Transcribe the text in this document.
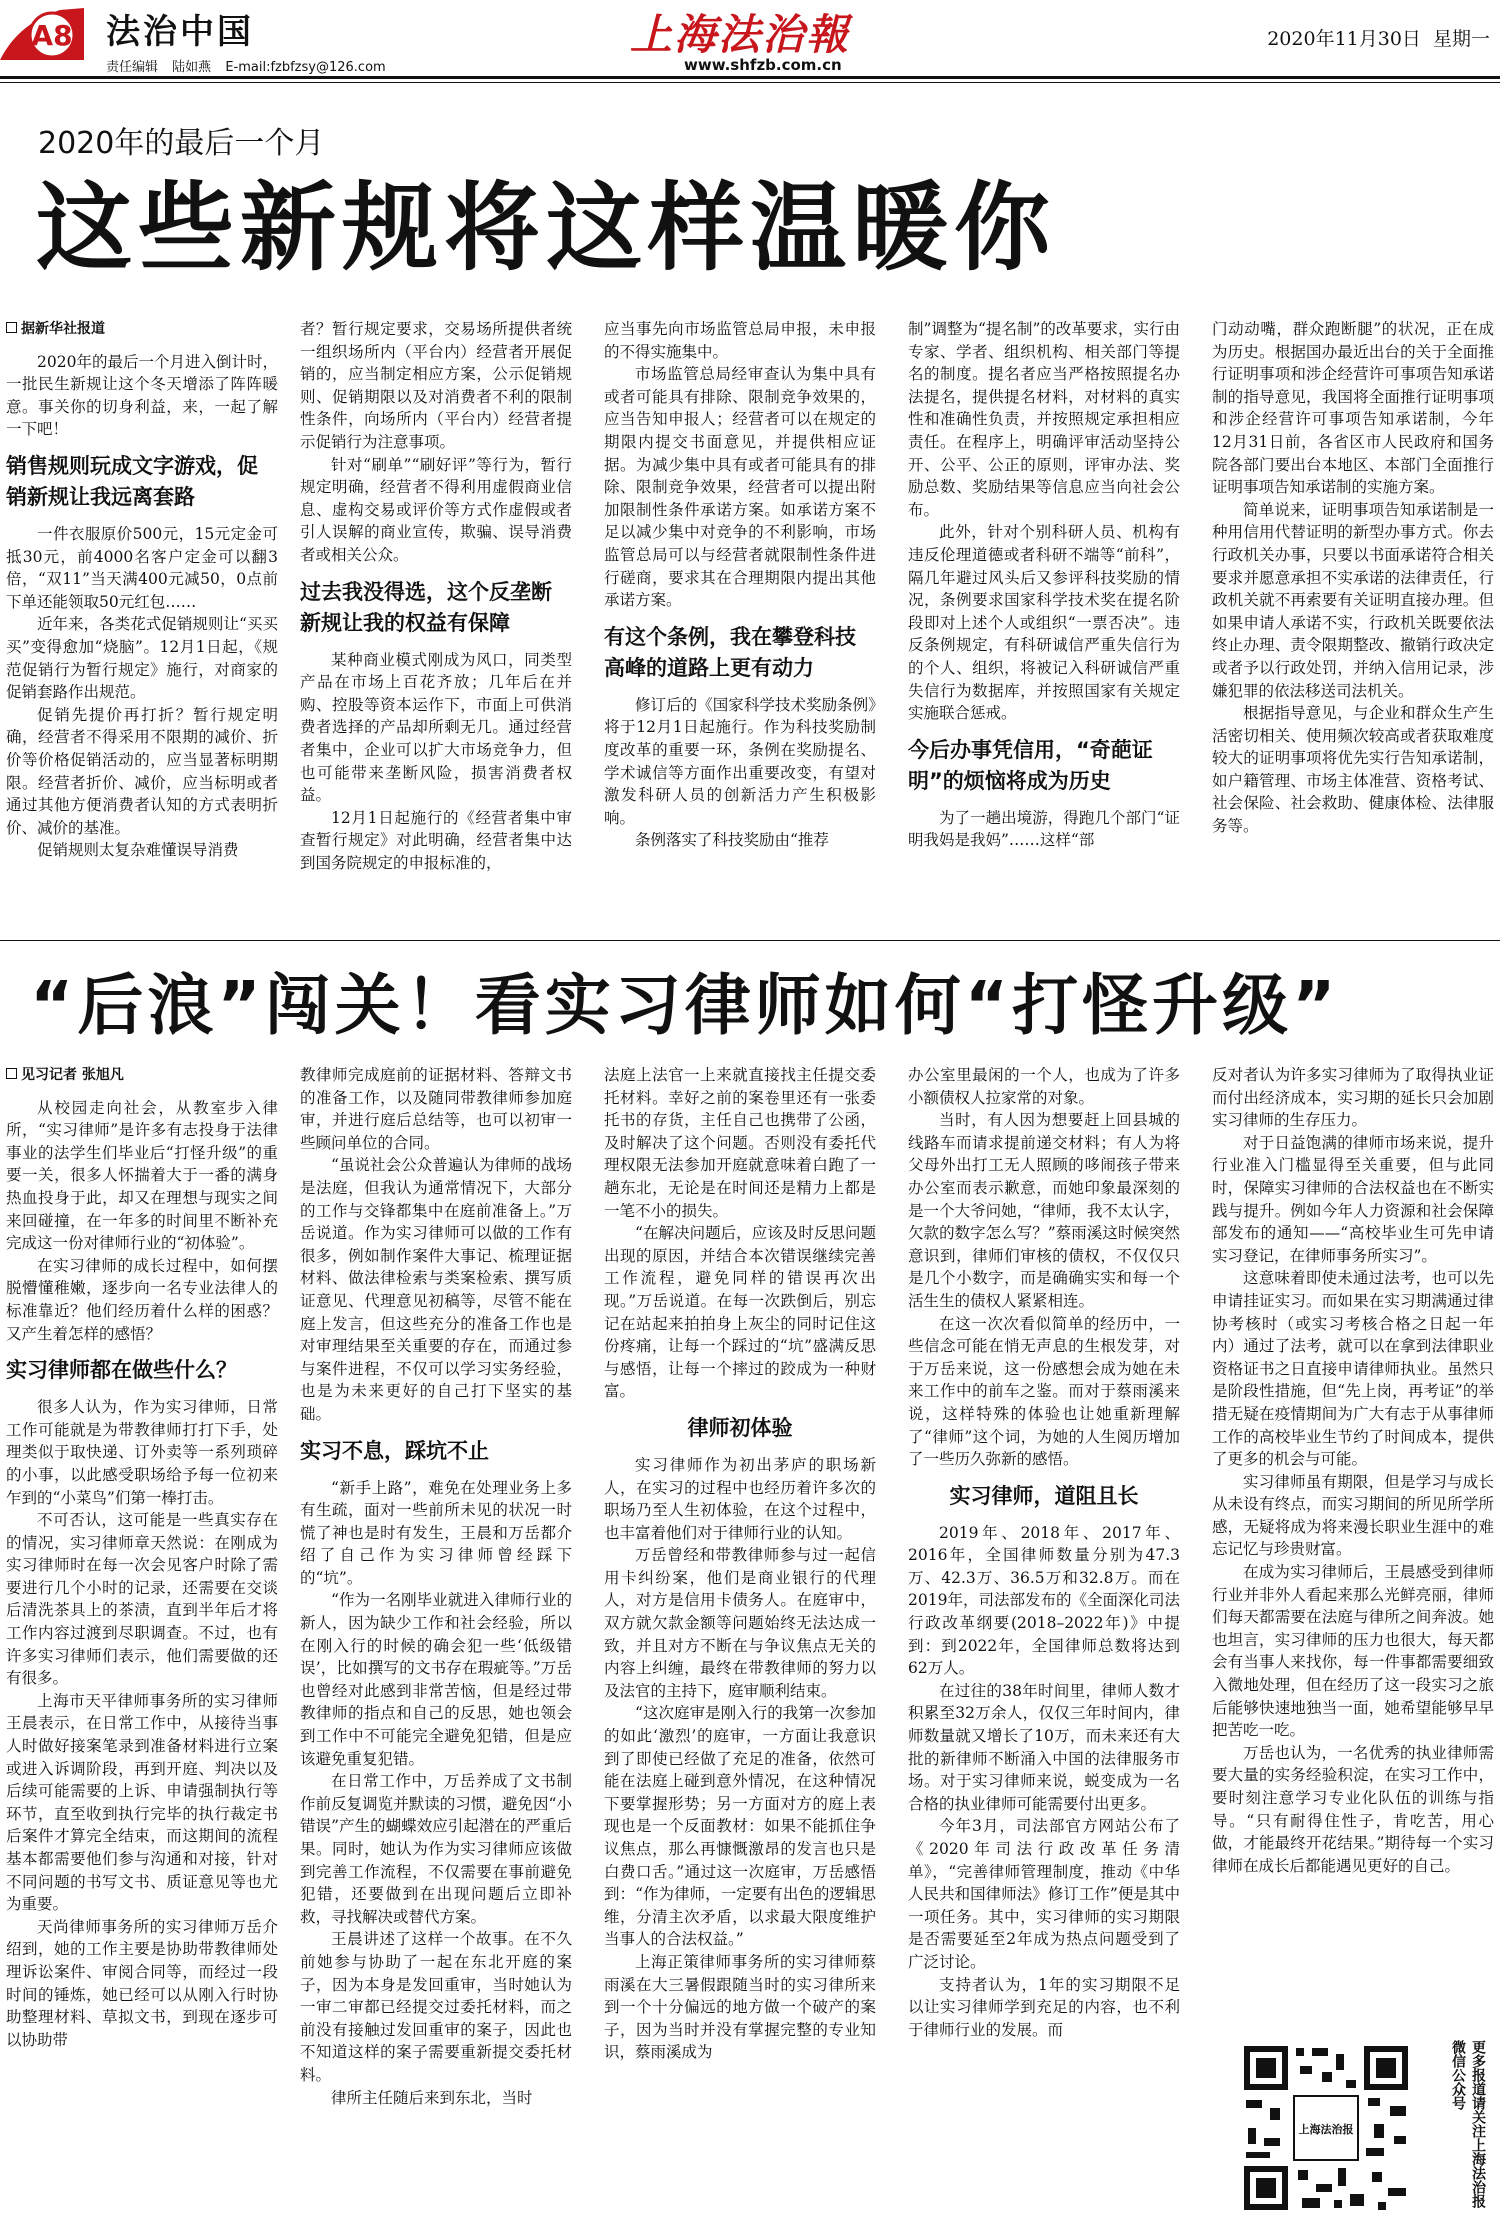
A8 法治中国
责任编辑 陆如燕 E-mail:fzbfzsy@126.com
上海法治報
www.shfzb.com.cn
2020年11月30日 星期一
2020年的最后一个月
这些新规将这样温暖你
据新华社报道

2020年的最后一个月进入倒计时，一批民生新规让这个冬天增添了阵阵暖意。事关你的切身利益，来，一起了解一下吧！

销售规则玩成文字游戏，促销新规让我远离套路

一件衣服原价500元，15元定金可抵30元，前4000名客户定金可以翻3倍，“双11”当天满400元减50，0点前下单还能领取50元红包……

近年来，各类花式促销规则让“买买买”变得愈加“烧脑”。12月1日起，《规范促销行为暂行规定》施行，对商家的促销套路作出规范。

促销先提价再打折？暂行规定明确，经营者不得采用不限期的减价、折价等价格促销活动的，应当显著标明期限。经营者折价、减价，应当标明或者通过其他方便消费者认知的方式表明折价、减价的基准。

促销规则太复杂难懂误导消费

者？暂行规定要求，交易场所提供者统一组织场所内（平台内）经营者开展促销的，应当制定相应方案，公示促销规则、促销期限以及对消费者不利的限制性条件，向场所内（平台内）经营者提示促销行为注意事项。

针对“刷单”“刷好评”等行为，暂行规定明确，经营者不得利用虚假商业信息、虚构交易或评价等方式作虚假或者引人误解的商业宣传，欺骗、误导消费者或相关公众。

过去我没得选，这个反垄断新规让我的权益有保障

某种商业模式刚成为风口，同类型产品在市场上百花齐放；几年后在并购、控股等资本运作下，市面上可供消费者选择的产品却所剩无几。通过经营者集中，企业可以扩大市场竞争力，但也可能带来垄断风险，损害消费者权益。

12月1日起施行的《经营者集中审查暂行规定》对此明确，经营者集中达到国务院规定的申报标准的，

应当事先向市场监管总局申报，未申报的不得实施集中。

市场监管总局经审查认为集中具有或者可能具有排除、限制竞争效果的，应当告知申报人；经营者可以在规定的期限内提交书面意见，并提供相应证据。为减少集中具有或者可能具有的排除、限制竞争效果，经营者可以提出附加限制性条件承诺方案。如承诺方案不足以减少集中对竞争的不利影响，市场监管总局可以与经营者就限制性条件进行磋商，要求其在合理期限内提出其他承诺方案。

有这个条例，我在攀登科技高峰的道路上更有动力

修订后的《国家科学技术奖励条例》将于12月1日起施行。作为科技奖励制度改革的重要一环，条例在奖励提名、学术诚信等方面作出重要改变，有望对激发科研人员的创新活力产生积极影响。

条例落实了科技奖励由“推荐

制”调整为“提名制”的改革要求，实行由专家、学者、组织机构、相关部门等提名的制度。提名者应当严格按照提名办法提名，提供提名材料，对材料的真实性和准确性负责，并按照规定承担相应责任。在程序上，明确评审活动坚持公开、公平、公正的原则，评审办法、奖励总数、奖励结果等信息应当向社会公布。

此外，针对个别科研人员、机构有违反伦理道德或者科研不端等“前科”，隔几年避过风头后又参评科技奖励的情况，条例要求国家科学技术奖在提名阶段即对上述个人或组织“一票否决”。违反条例规定，有科研诚信严重失信行为的个人、组织，将被记入科研诚信严重失信行为数据库，并按照国家有关规定实施联合惩戒。

今后办事凭信用，“奇葩证明”的烦恼将成为历史

为了一趟出境游，得跑几个部门“证明我妈是我妈”……这样“部

门动动嘴，群众跑断腿”的状况，正在成为历史。根据国办最近出台的关于全面推行证明事项和涉企经营许可事项告知承诺制的指导意见，我国将全面推行证明事项和涉企经营许可事项告知承诺制，今年12月31日前，各省区市人民政府和国务院各部门要出台本地区、本部门全面推行证明事项告知承诺制的实施方案。

简单说来，证明事项告知承诺制是一种用信用代替证明的新型办事方式。你去行政机关办事，只要以书面承诺符合相关要求并愿意承担不实承诺的法律责任，行政机关就不再索要有关证明直接办理。但如果申请人承诺不实，行政机关既要依法终止办理、责令限期整改、撤销行政决定或者予以行政处罚，并纳入信用记录，涉嫌犯罪的依法移送司法机关。

根据指导意见，与企业和群众生产生活密切相关、使用频次较高或者获取难度较大的证明事项将优先实行告知承诺制，如户籍管理、市场主体准营、资格考试、社会保险、社会救助、健康体检、法律服务等。

“后浪”闯关！看实习律师如何“打怪升级”
见习记者 张旭凡

从校园走向社会，从教室步入律所，“实习律师”是许多有志投身于法律事业的法学生们毕业后“打怪升级”的重要一关，很多人怀揣着大于一番的满身热血投身于此，却又在理想与现实之间来回碰撞，在一年多的时间里不断补充完成这一份对律师行业的“初体验”。

在实习律师的成长过程中，如何摆脱懵懂稚嫩，逐步向一名专业法律人的标准靠近？他们经历着什么样的困惑？又产生着怎样的感悟？

实习律师都在做些什么？

很多人认为，作为实习律师，日常工作可能就是为带教律师打打下手，处理类似于取快递、订外卖等一系列琐碎的小事，以此感受职场给予每一位初来乍到的“小菜鸟”们第一棒打击。

不可否认，这可能是一些真实存在的情况，实习律师章天然说：在刚成为实习律师时在每一次会见客户时除了需要进行几个小时的记录，还需要在交谈后清洗茶具上的茶渍，直到半年后才将工作内容过渡到尽职调查。不过，也有许多实习律师们表示，他们需要做的还有很多。

上海市天平律师事务所的实习律师王晨表示，在日常工作中，从接待当事人时做好接案笔录到准备材料进行立案或进入诉调阶段，再到开庭、判决以及后续可能需要的上诉、申请强制执行等环节，直至收到执行完毕的执行裁定书后案件才算完全结束，而这期间的流程基本都需要他们参与沟通和对接，针对不同问题的书写文书、质证意见等也尤为重要。

天尚律师事务所的实习律师万岳介绍到，她的工作主要是协助带教律师处理诉讼案件、审阅合同等，而经过一段时间的锤炼，她已经可以从刚入行时协助整理材料、草拟文书，到现在逐步可以协助带

教律师完成庭前的证据材料、答辩文书的准备工作，以及随同带教律师参加庭审，并进行庭后总结等，也可以初审一些顾问单位的合同。

“虽说社会公众普遍认为律师的战场是法庭，但我认为通常情况下，大部分的工作与交锋都集中在庭前准备上。”万岳说道。作为实习律师可以做的工作有很多，例如制作案件大事记、梳理证据材料、做法律检索与类案检索、撰写质证意见、代理意见初稿等，尽管不能在庭上发言，但这些充分的准备工作也是对审理结果至关重要的存在，而通过参与案件进程，不仅可以学习实务经验，也是为未来更好的自己打下坚实的基础。

实习不息，踩坑不止

“新手上路”，难免在处理业务上多有生疏，面对一些前所未见的状况一时慌了神也是时有发生，王晨和万岳都介绍了自己作为实习律师曾经踩下的“坑”。

“作为一名刚毕业就进入律师行业的新人，因为缺少工作和社会经验，所以在刚入行的时候的确会犯一些‘低级错误’，比如撰写的文书存在瑕疵等。”万岳也曾经对此感到非常苦恼，但是经过带教律师的指点和自己的反思，她也领会到工作中不可能完全避免犯错，但是应该避免重复犯错。

在日常工作中，万岳养成了文书制作前反复调览并默读的习惯，避免因“小错误”产生的蝴蝶效应引起潜在的严重后果。同时，她认为作为实习律师应该做到完善工作流程，不仅需要在事前避免犯错，还要做到在出现问题后立即补救，寻找解决或替代方案。

王晨讲述了这样一个故事。在不久前她参与协助了一起在东北开庭的案子，因为本身是发回重审，当时她认为一审二审都已经提交过委托材料，而之前没有接触过发回重审的案子，因此也不知道这样的案子需要重新提交委托材料。

律所主任随后来到东北，当时

法庭上法官一上来就直接找主任提交委托材料。幸好之前的案卷里还有一张委托书的存货，主任自己也携带了公函，及时解决了这个问题。否则没有委托代理权限无法参加开庭就意味着白跑了一趟东北，无论是在时间还是精力上都是一笔不小的损失。

“在解决问题后，应该及时反思问题出现的原因，并结合本次错误继续完善工作流程，避免同样的错误再次出现。”万岳说道。在每一次跌倒后，别忘记在站起来拍拍身上灰尘的同时记住这份疼痛，让每一个踩过的“坑”盛满反思与感悟，让每一个摔过的跤成为一种财富。

律师初体验

实习律师作为初出茅庐的职场新人，在实习的过程中也经历着许多次的职场乃至人生初体验，在这个过程中，也丰富着他们对于律师行业的认知。

万岳曾经和带教律师参与过一起信用卡纠纷案，他们是商业银行的代理人，对方是信用卡债务人。在庭审中，双方就欠款金额等问题始终无法达成一致，并且对方不断在与争议焦点无关的内容上纠缠，最终在带教律师的努力以及法官的主持下，庭审顺利结束。

“这次庭审是刚入行的我第一次参加的如此‘激烈’的庭审，一方面让我意识到了即使已经做了充足的准备，依然可能在法庭上碰到意外情况，在这种情况下要掌握形势；另一方面对方的庭上表现也是一个反面教材：如果不能抓住争议焦点，那么再慷慨激昂的发言也只是白费口舌。”通过这一次庭审，万岳感悟到：“作为律师，一定要有出色的逻辑思维，分清主次矛盾，以求最大限度维护当事人的合法权益。”

上海正策律师事务所的实习律师蔡雨溪在大三暑假跟随当时的实习律所来到一个十分偏远的地方做一个破产的案子，因为当时并没有掌握完整的专业知识，蔡雨溪成为

办公室里最闲的一个人，也成为了许多小额债权人拉家常的对象。

当时，有人因为想要赶上回县城的线路车而请求提前递交材料；有人为将父母外出打工无人照顾的哆闹孩子带来办公室而表示歉意，而她印象最深刻的是一个大爷问她，“律师，我不太认字，欠款的数字怎么写？”蔡雨溪这时候突然意识到，律师们审核的债权，不仅仅只是几个小数字，而是确确实实和每一个活生生的债权人紧紧相连。

在这一次次看似简单的经历中，一些信念可能在悄无声息的生根发芽，对于万岳来说，这一份感想会成为她在未来工作中的前车之鉴。而对于蔡雨溪来说，这样特殊的体验也让她重新理解了“律师”这个词，为她的人生阅历增加了一些历久弥新的感悟。

实习律师，道阻且长

2019年、2018年、2017年、2016年，全国律师数量分别为47.3万、42.3万、36.5万和32.8万。而在2019年，司法部发布的《全面深化司法行政改革纲要(2018–2022年)》中提到：到2022年，全国律师总数将达到62万人。

在过往的38年时间里，律师人数才积累至32万余人，仅仅三年时间内，律师数量就又增长了10万，而未来还有大批的新律师不断涌入中国的法律服务市场。对于实习律师来说，蜕变成为一名合格的执业律师可能需要付出更多。

今年3月，司法部官方网站公布了《2020年司法行政改革任务清单》，“完善律师管理制度，推动《中华人民共和国律师法》修订工作”便是其中一项任务。其中，实习律师的实习期限是否需要延至2年成为热点问题受到了广泛讨论。

支持者认为，1年的实习期限不足以让实习律师学到充足的内容，也不利于律师行业的发展。而

反对者认为许多实习律师为了取得执业证而付出经济成本，实习期的延长只会加剧实习律师的生存压力。

对于日益饱满的律师市场来说，提升行业准入门槛显得至关重要，但与此同时，保障实习律师的合法权益也在不断实践与提升。例如今年人力资源和社会保障部发布的通知——“高校毕业生可先申请实习登记，在律师事务所实习”。

这意味着即使未通过法考，也可以先申请挂证实习。而如果在实习期满通过律协考核时（或实习考核合格之日起一年内）通过了法考，就可以在拿到法律职业资格证书之日直接申请律师执业。虽然只是阶段性措施，但“先上岗，再考证”的举措无疑在疫情期间为广大有志于从事律师工作的高校毕业生节约了时间成本，提供了更多的机会与可能。

实习律师虽有期限，但是学习与成长从未设有终点，而实习期间的所见所学所感，无疑将成为将来漫长职业生涯中的难忘记忆与珍贵财富。

在成为实习律师后，王晨感受到律师行业并非外人看起来那么光鲜亮丽，律师们每天都需要在法庭与律所之间奔波。她也坦言，实习律师的压力也很大，每天都会有当事人来找你，每一件事都需要细致入微地处理，但在经历了这一段实习之旅后能够快速地独当一面，她希望能够早早把苦吃一吃。

万岳也认为，一名优秀的执业律师需要大量的实务经验积淀，在实习工作中，要时刻注意学习专业化队伍的训练与指导。“只有耐得住性子，肯吃苦，用心做，才能最终开花结果。”期待每一个实习律师在成长后都能遇见更好的自己。

上海法治报	更多报道请关注上海法治报微信公众号
